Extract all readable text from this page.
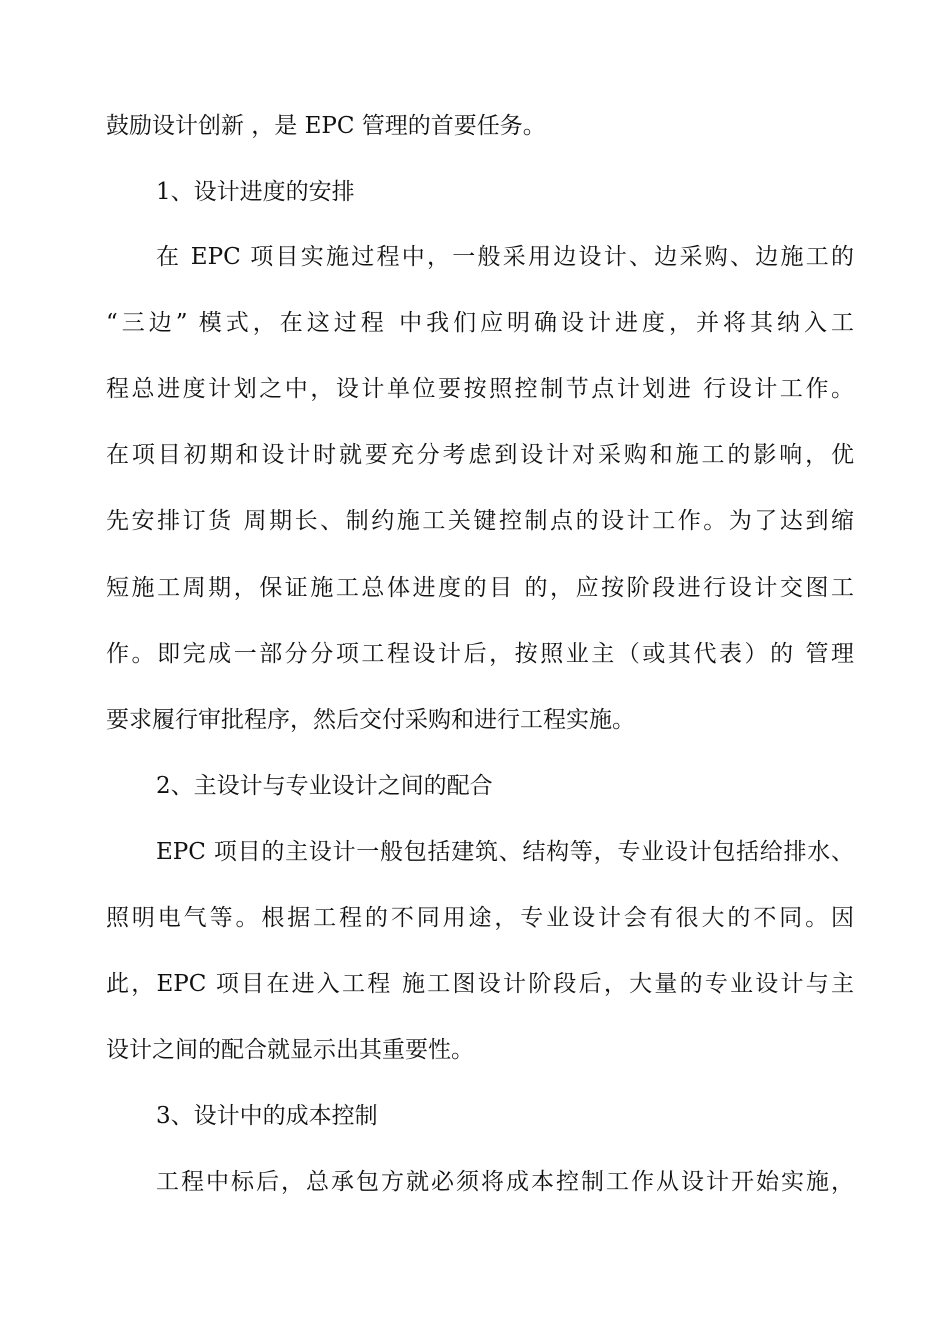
鼓励设计创新 ，是 EPC 管理的首要任务。
1、设计进度的安排
在 EPC 项目实施过程中，一般采用边设计、边采购、边施工的
“三边” 模式，在这过程 中我们应明确设计进度，并将其纳入工
程总进度计划之中，设计单位要按照控制节点计划进 行设计工作。
在项目初期和设计时就要充分考虑到设计对采购和施工的影响，优
先安排订货 周期长、制约施工关键控制点的设计工作。为了达到缩
短施工周期，保证施工总体进度的目 的，应按阶段进行设计交图工
作。即完成一部分分项工程设计后，按照业主（或其代表）的 管理
要求履行审批程序，然后交付采购和进行工程实施。
2、主设计与专业设计之间的配合
EPC 项目的主设计一般包括建筑、结构等，专业设计包括给排水、
照明电气等。根据工程的不同用途，专业设计会有很大的不同。因
此，EPC 项目在进入工程 施工图设计阶段后，大量的专业设计与主
设计之间的配合就显示出其重要性。
3、设计中的成本控制
工程中标后，总承包方就必须将成本控制工作从设计开始实施，
